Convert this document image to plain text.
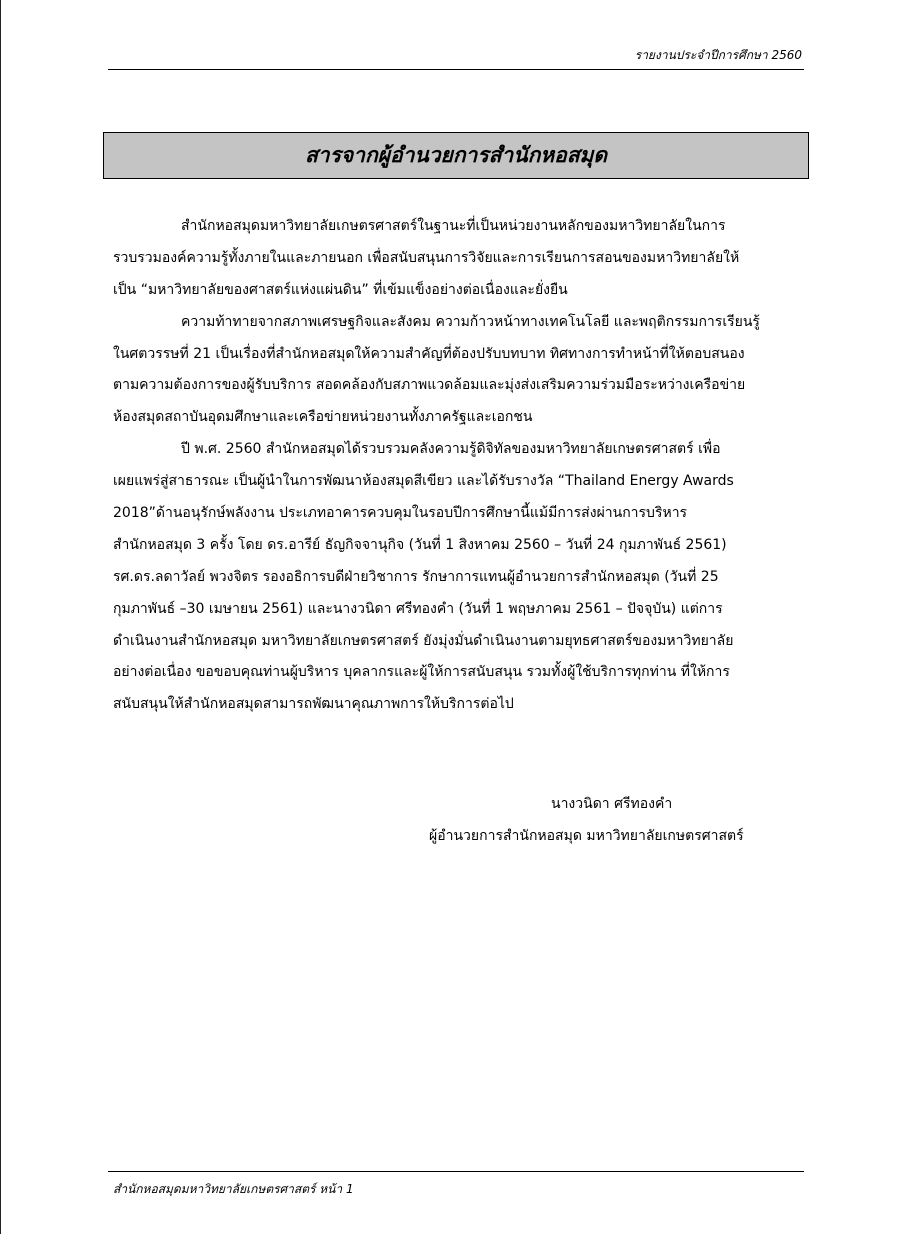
รายงานประจำปีการศึกษา 2560
สารจากผู้อำนวยการสำนักหอสมุด
สำนักหอสมุดมหาวิทยาลัยเกษตรศาสตร์ในฐานะที่เป็นหน่วยงานหลักของมหาวิทยาลัยในการ
รวบรวมองค์ความรู้ทั้งภายในและภายนอก เพื่อสนับสนุนการวิจัยและการเรียนการสอนของมหาวิทยาลัยให้
เป็น “มหาวิทยาลัยของศาสตร์แห่งแผ่นดิน” ที่เข้มแข็งอย่างต่อเนื่องและยั่งยืน
ความท้าทายจากสภาพเศรษฐกิจและสังคม ความก้าวหน้าทางเทคโนโลยี และพฤติกรรมการเรียนรู้
ในศตวรรษที่ 21 เป็นเรื่องที่สำนักหอสมุดให้ความสำคัญที่ต้องปรับบทบาท ทิศทางการทำหน้าที่ให้ตอบสนอง
ตามความต้องการของผู้รับบริการ สอดคล้องกับสภาพแวดล้อมและมุ่งส่งเสริมความร่วมมือระหว่างเครือข่าย
ห้องสมุดสถาบันอุดมศึกษาและเครือข่ายหน่วยงานทั้งภาครัฐและเอกชน
ปี พ.ศ. 2560 สำนักหอสมุดได้รวบรวมคลังความรู้ดิจิทัลของมหาวิทยาลัยเกษตรศาสตร์ เพื่อ
เผยแพร่สู่สาธารณะ เป็นผู้นำในการพัฒนาห้องสมุดสีเขียว และได้รับรางวัล “Thailand Energy Awards
2018”ด้านอนุรักษ์พลังงาน ประเภทอาคารควบคุมในรอบปีการศึกษานี้แม้มีการส่งผ่านการบริหาร
สำนักหอสมุด 3 ครั้ง โดย ดร.อารีย์ ธัญกิจจานุกิจ (วันที่ 1 สิงหาคม 2560 – วันที่ 24 กุมภาพันธ์ 2561)
รศ.ดร.ลดาวัลย์ พวงจิตร รองอธิการบดีฝ่ายวิชาการ รักษาการแทนผู้อำนวยการสำนักหอสมุด (วันที่ 25
กุมภาพันธ์ –30 เมษายน 2561) และนางวนิดา ศรีทองคำ (วันที่ 1 พฤษภาคม 2561 – ปัจจุบัน) แต่การ
ดำเนินงานสำนักหอสมุด มหาวิทยาลัยเกษตรศาสตร์ ยังมุ่งมั่นดำเนินงานตามยุทธศาสตร์ของมหาวิทยาลัย
อย่างต่อเนื่อง ขอขอบคุณท่านผู้บริหาร บุคลากรและผู้ให้การสนับสนุน รวมทั้งผู้ใช้บริการทุกท่าน ที่ให้การ
สนับสนุนให้สำนักหอสมุดสามารถพัฒนาคุณภาพการให้บริการต่อไป
นางวนิดา ศรีทองคำ
ผู้อำนวยการสำนักหอสมุด มหาวิทยาลัยเกษตรศาสตร์
สำนักหอสมุดมหาวิทยาลัยเกษตรศาสตร์ หน้า 1
